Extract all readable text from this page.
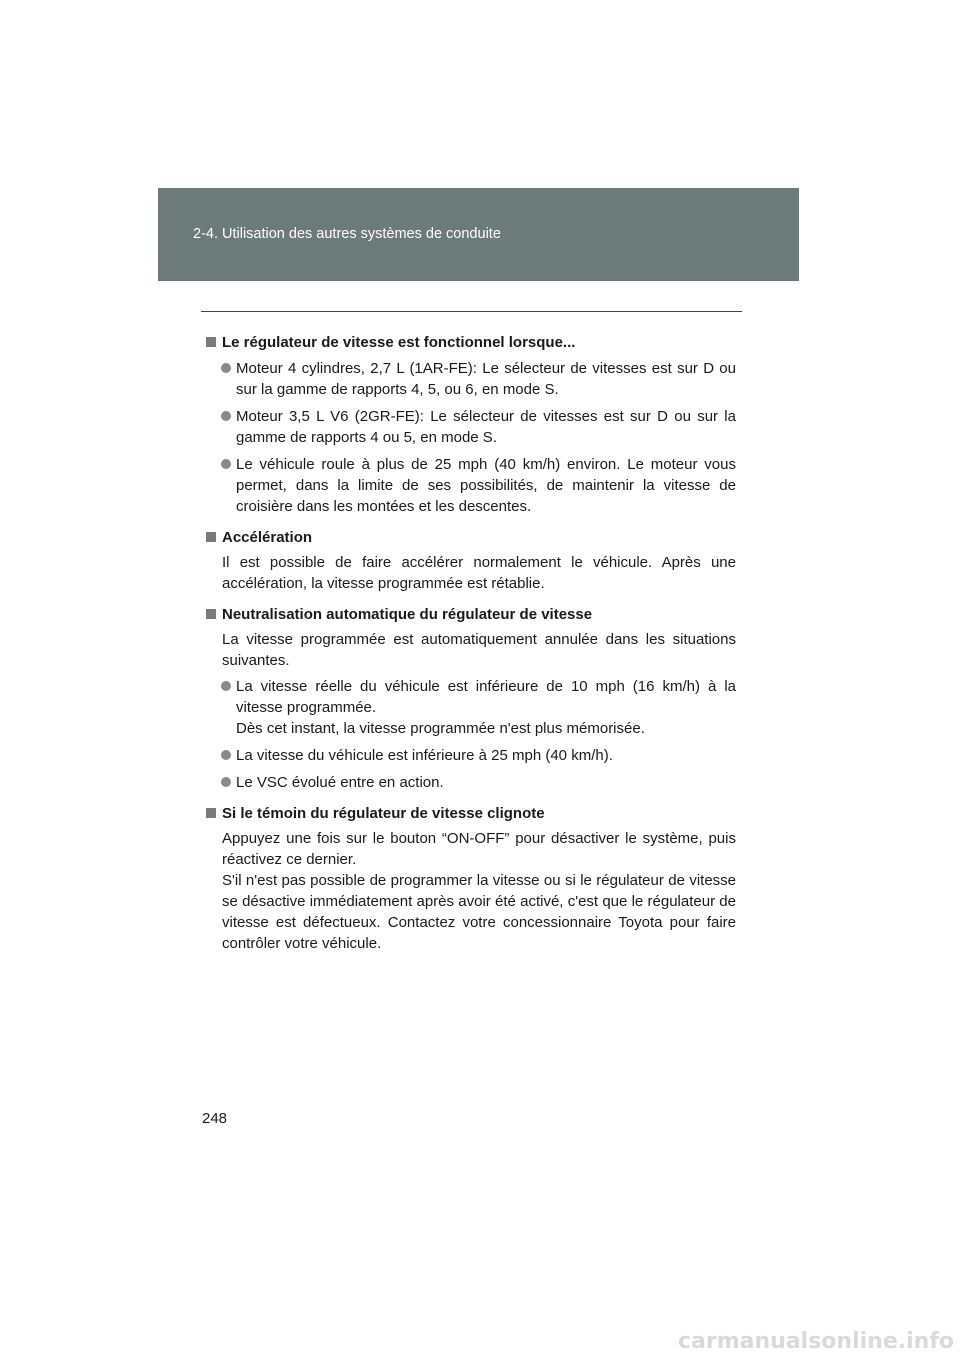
2-4. Utilisation des autres systèmes de conduite
Le régulateur de vitesse est fonctionnel lorsque...
Moteur 4 cylindres, 2,7 L (1AR-FE): Le sélecteur de vitesses est sur D ou sur la gamme de rapports 4, 5, ou 6, en mode S.
Moteur 3,5 L V6 (2GR-FE): Le sélecteur de vitesses est sur D ou sur la gamme de rapports 4 ou 5, en mode S.
Le véhicule roule à plus de 25 mph (40 km/h) environ. Le moteur vous permet, dans la limite de ses possibilités, de maintenir la vitesse de croisière dans les montées et les descentes.
Accélération
Il est possible de faire accélérer normalement le véhicule. Après une accélération, la vitesse programmée est rétablie.
Neutralisation automatique du régulateur de vitesse
La vitesse programmée est automatiquement annulée dans les situations suivantes.
La vitesse réelle du véhicule est inférieure de 10 mph (16 km/h) à la vitesse programmée.
Dès cet instant, la vitesse programmée n'est plus mémorisée.
La vitesse du véhicule est inférieure à 25 mph (40 km/h).
Le VSC évolué entre en action.
Si le témoin du régulateur de vitesse clignote
Appuyez une fois sur le bouton “ON-OFF” pour désactiver le système, puis réactivez ce dernier.
S'il n'est pas possible de programmer la vitesse ou si le régulateur de vitesse se désactive immédiatement après avoir été activé, c'est que le régulateur de vitesse est défectueux. Contactez votre concessionnaire Toyota pour faire contrôler votre véhicule.
248
carmanualsonline.info
